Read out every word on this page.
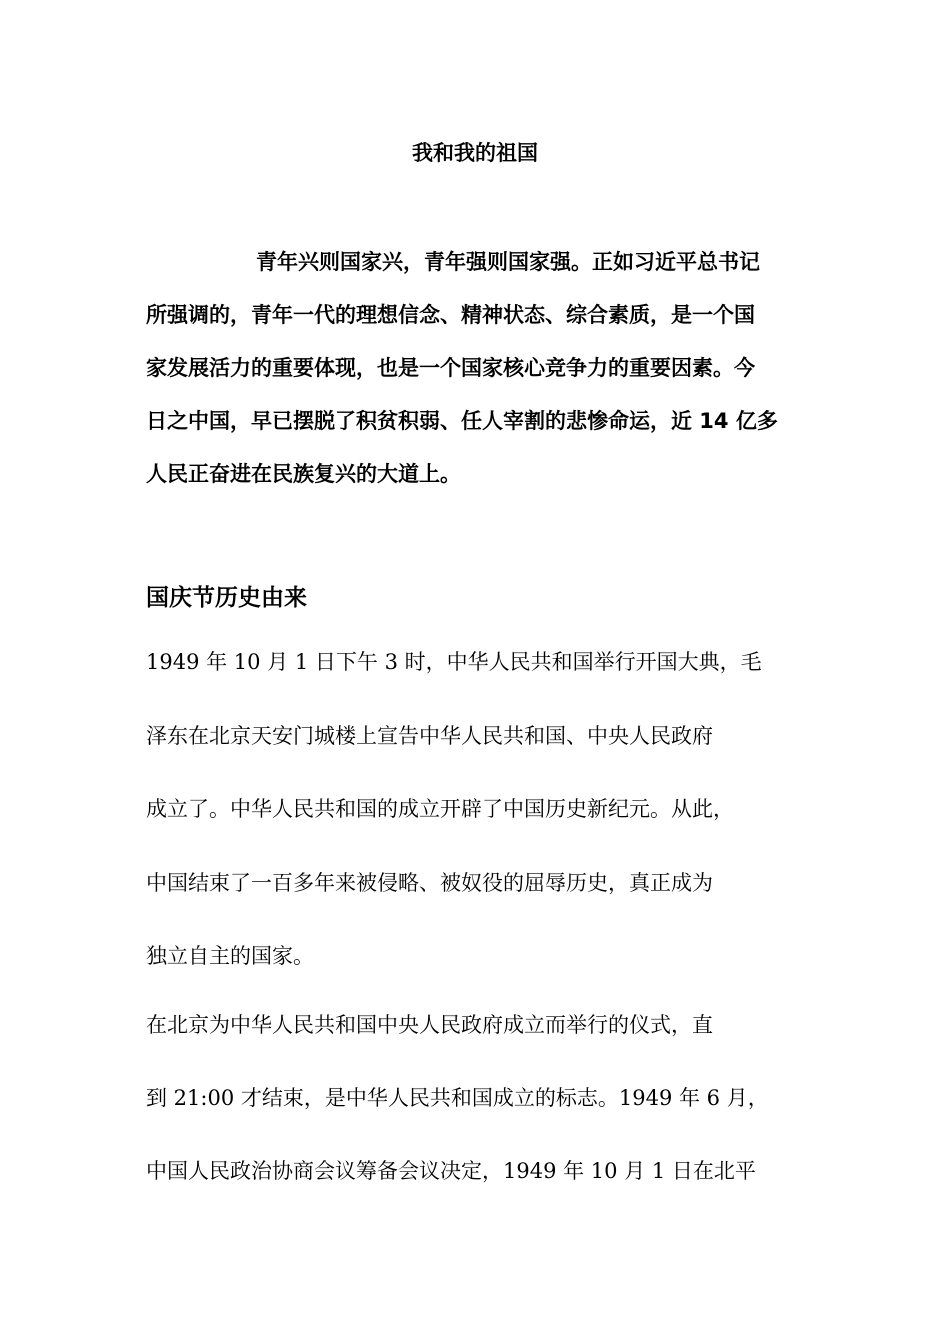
我和我的祖国
青年兴则国家兴，青年强则国家强。正如习近平总书记
所强调的，青年一代的理想信念、精神状态、综合素质，是一个国
家发展活力的重要体现，也是一个国家核心竞争力的重要因素。今
日之中国，早已摆脱了积贫积弱、任人宰割的悲惨命运，近 14 亿多
人民正奋进在民族复兴的大道上。
国庆节历史由来
1949 年 10 月 1 日下午 3 时，中华人民共和国举行开国大典，毛
泽东在北京天安门城楼上宣告中华人民共和国、中央人民政府
成立了。中华人民共和国的成立开辟了中国历史新纪元。从此，
中国结束了一百多年来被侵略、被奴役的屈辱历史，真正成为
独立自主的国家。
在北京为中华人民共和国中央人民政府成立而举行的仪式，直
到 21:00 才结束，是中华人民共和国成立的标志。1949 年 6 月，
中国人民政治协商会议筹备会议决定，1949 年 10 月 1 日在北平
